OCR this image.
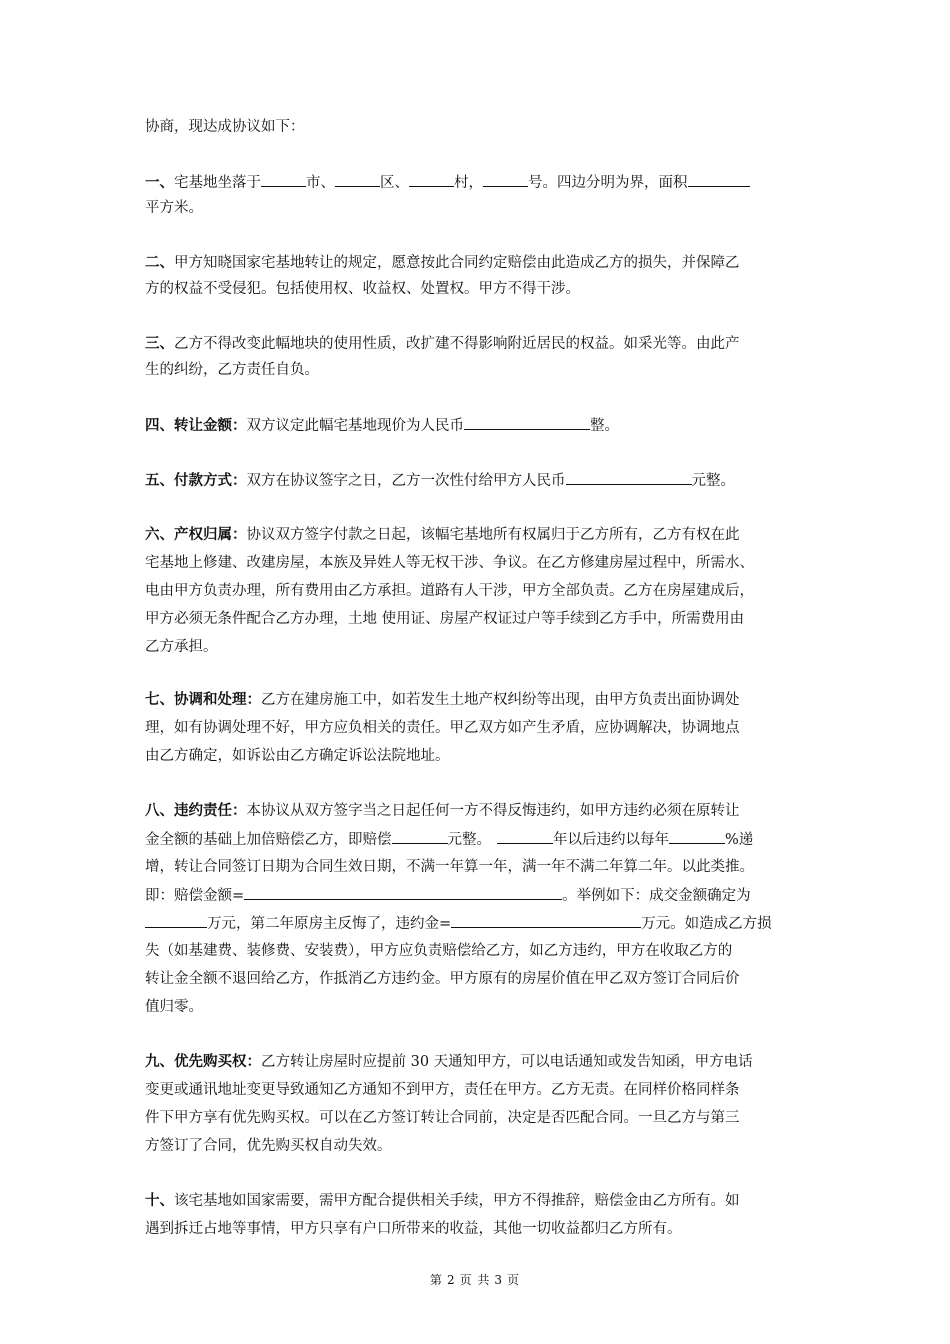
协商，现达成协议如下：
一、宅基地坐落于	市、	区、	村，	号。四边分明为界，面积
平方米。
二、甲方知晓国家宅基地转让的规定，愿意按此合同约定赔偿由此造成乙方的损失，并保障乙
方的权益不受侵犯。包括使用权、收益权、处置权。甲方不得干涉。
三、乙方不得改变此幅地块的使用性质，改扩建不得影响附近居民的权益。如采光等。由此产
生的纠纷，乙方责任自负。
四、转让金额：双方议定此幅宅基地现价为人民币	整。
五、付款方式：双方在协议签字之日，乙方一次性付给甲方人民币	元整。
六、产权归属：协议双方签字付款之日起，该幅宅基地所有权属归于乙方所有，乙方有权在此
宅基地上修建、改建房屋，本族及异姓人等无权干涉、争议。在乙方修建房屋过程中，所需水、
电由甲方负责办理，所有费用由乙方承担。道路有人干涉，甲方全部负责。乙方在房屋建成后，
甲方必须无条件配合乙方办理，土地 使用证、房屋产权证过户等手续到乙方手中，所需费用由
乙方承担。
七、协调和处理：乙方在建房施工中，如若发生土地产权纠纷等出现，由甲方负责出面协调处
理，如有协调处理不好，甲方应负相关的责任。甲乙双方如产生矛盾，应协调解决，协调地点
由乙方确定，如诉讼由乙方确定诉讼法院地址。
八、违约责任：本协议从双方签字当之日起任何一方不得反悔违约，如甲方违约必须在原转让
金全额的基础上加倍赔偿乙方，即赔偿	元整。	年以后违约以每年	%递
增，转让合同签订日期为合同生效日期，不满一年算一年，满一年不满二年算二年。以此类推。
即：赔偿金额=	。举例如下：成交金额确定为
万元，第二年原房主反悔了，违约金=	万元。如造成乙方损
失（如基建费、装修费、安装费），甲方应负责赔偿给乙方，如乙方违约，甲方在收取乙方的
转让金全额不退回给乙方，作抵消乙方违约金。甲方原有的房屋价值在甲乙双方签订合同后价
值归零。
九、优先购买权：乙方转让房屋时应提前 30 天通知甲方，可以电话通知或发告知函，甲方电话
变更或通讯地址变更导致通知乙方通知不到甲方，责任在甲方。乙方无责。在同样价格同样条
件下甲方享有优先购买权。可以在乙方签订转让合同前，决定是否匹配合同。一旦乙方与第三
方签订了合同，优先购买权自动失效。
十、该宅基地如国家需要，需甲方配合提供相关手续，甲方不得推辞，赔偿金由乙方所有。如
遇到拆迁占地等事情，甲方只享有户口所带来的收益，其他一切收益都归乙方所有。
第 2 页 共 3 页
